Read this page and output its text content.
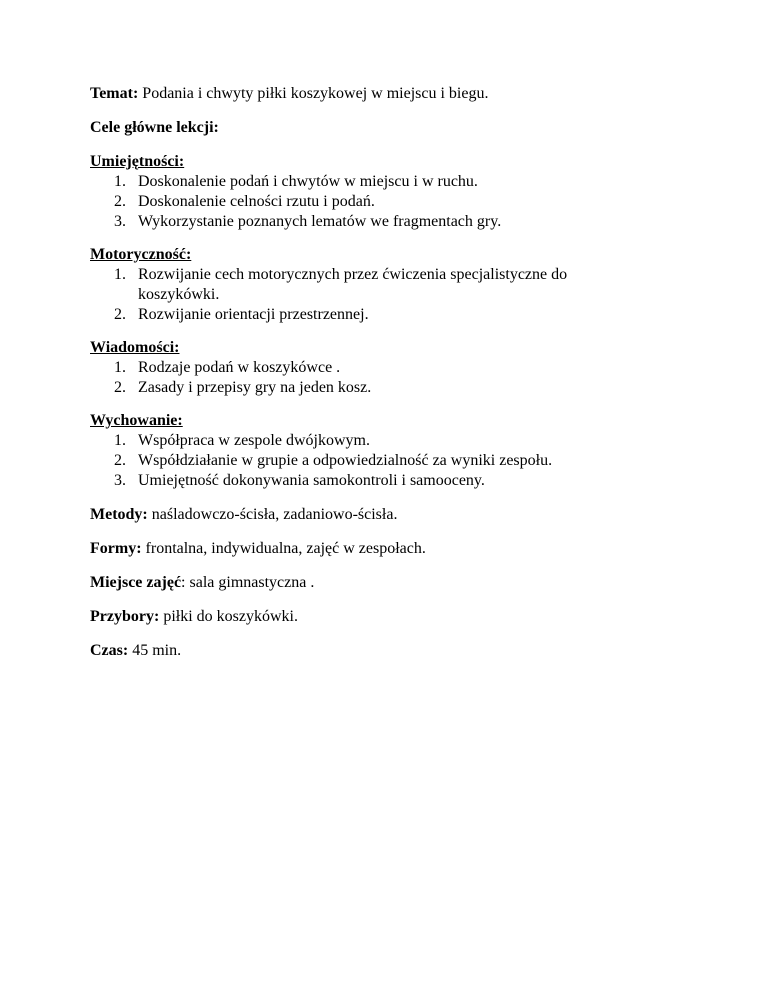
Temat: Podania i chwyty piłki koszykowej w miejscu i biegu.

Cele główne lekcji:

Umiejętności:

1. Doskonalenie podań i chwytów w miejscu i w ruchu.
2. Doskonalenie celności rzutu i podań.
3. Wykorzystanie poznanych lematów we fragmentach gry.

Motoryczność:

1. Rozwijanie cech motorycznych przez ćwiczenia specjalistyczne do
koszykówki.
2. Rozwijanie orientacji przestrzennej.

Wiadomości:

1. Rodzaje podań w koszykówce .
2. Zasady i przepisy gry na jeden kosz.

Wychowanie:

1. Współpraca w zespole dwójkowym.
2. Współdziałanie w grupie a odpowiedzialność za wyniki zespołu.
3. Umiejętność dokonywania samokontroli i samooceny.

Metody: naśladowczo-ścisła, zadaniowo-ścisła.

Formy: frontalna, indywidualna, zajęć w zespołach.

Miejsce zajęć: sala gimnastyczna .

Przybory: piłki do koszykówki.

Czas: 45 min.
